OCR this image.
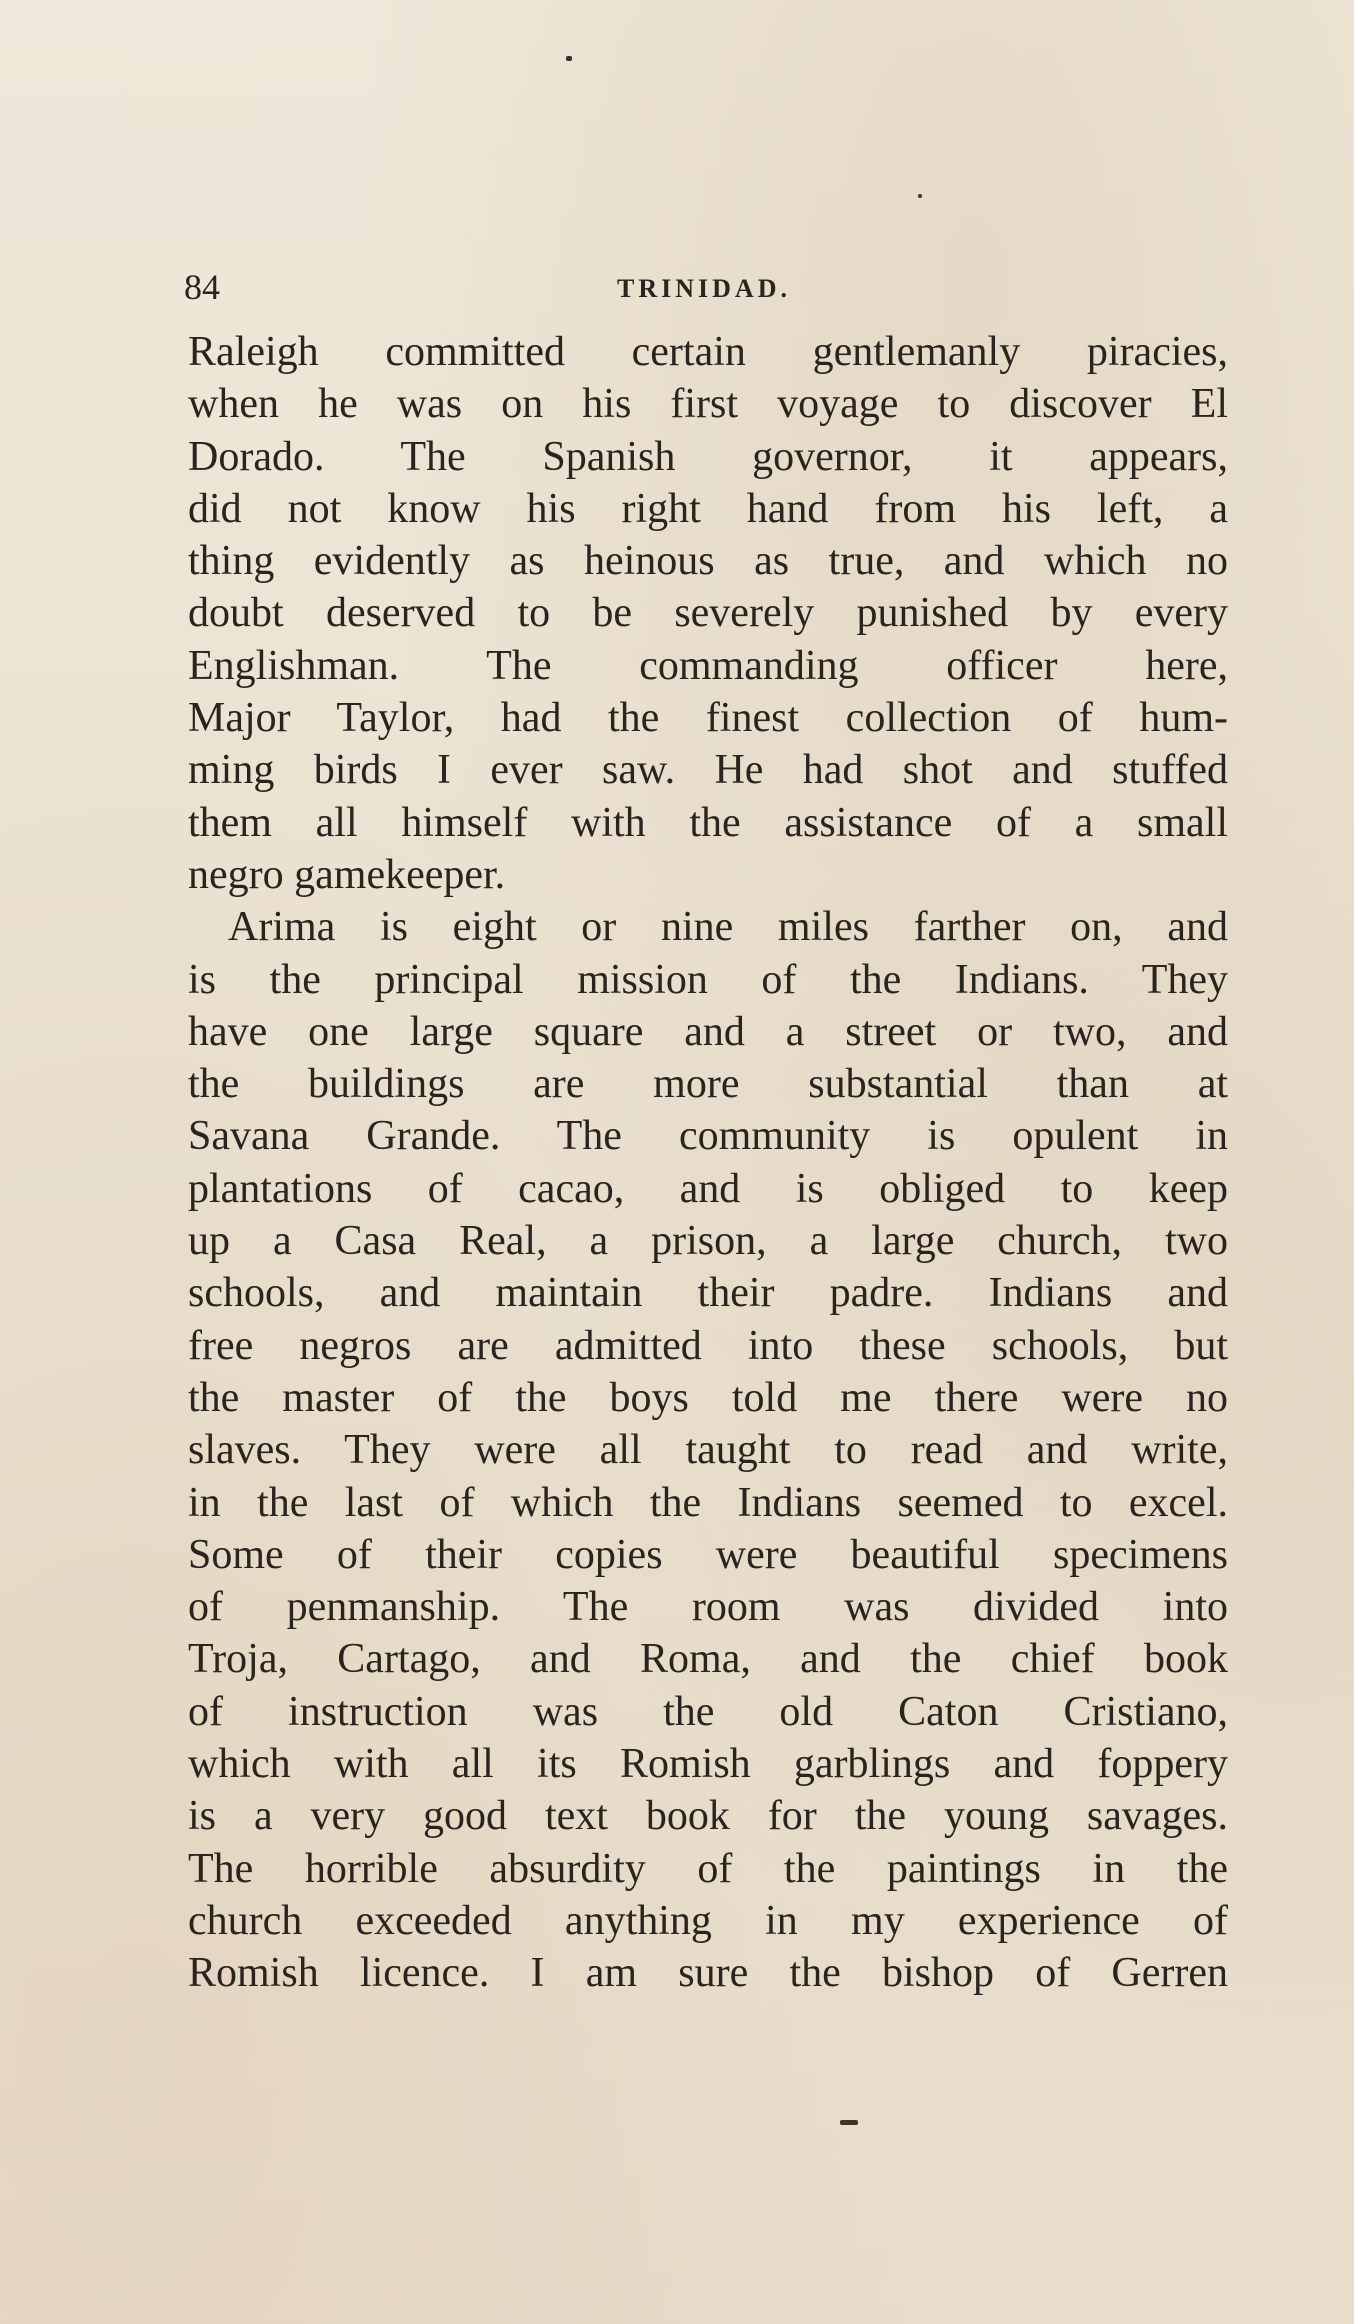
84	TRINIDAD.
Raleigh committed certain gentlemanly piracies,
when he was on his first voyage to discover El
Dorado. The Spanish governor, it appears,
did not know his right hand from his left, a
thing evidently as heinous as true, and which no
doubt deserved to be severely punished by every
Englishman. The commanding officer here,
Major Taylor, had the finest collection of hum-
ming birds I ever saw. He had shot and stuffed
them all himself with the assistance of a small
negro gamekeeper.
Arima is eight or nine miles farther on, and
is the principal mission of the Indians. They
have one large square and a street or two, and
the buildings are more substantial than at
Savana Grande. The community is opulent in
plantations of cacao, and is obliged to keep
up a Casa Real, a prison, a large church, two
schools, and maintain their padre. Indians and
free negros are admitted into these schools, but
the master of the boys told me there were no
slaves. They were all taught to read and write,
in the last of which the Indians seemed to excel.
Some of their copies were beautiful specimens
of penmanship. The room was divided into
Troja, Cartago, and Roma, and the chief book
of instruction was the old Caton Cristiano,
which with all its Romish garblings and foppery
is a very good text book for the young savages.
The horrible absurdity of the paintings in the
church exceeded anything in my experience of
Romish licence. I am sure the bishop of Gerren
